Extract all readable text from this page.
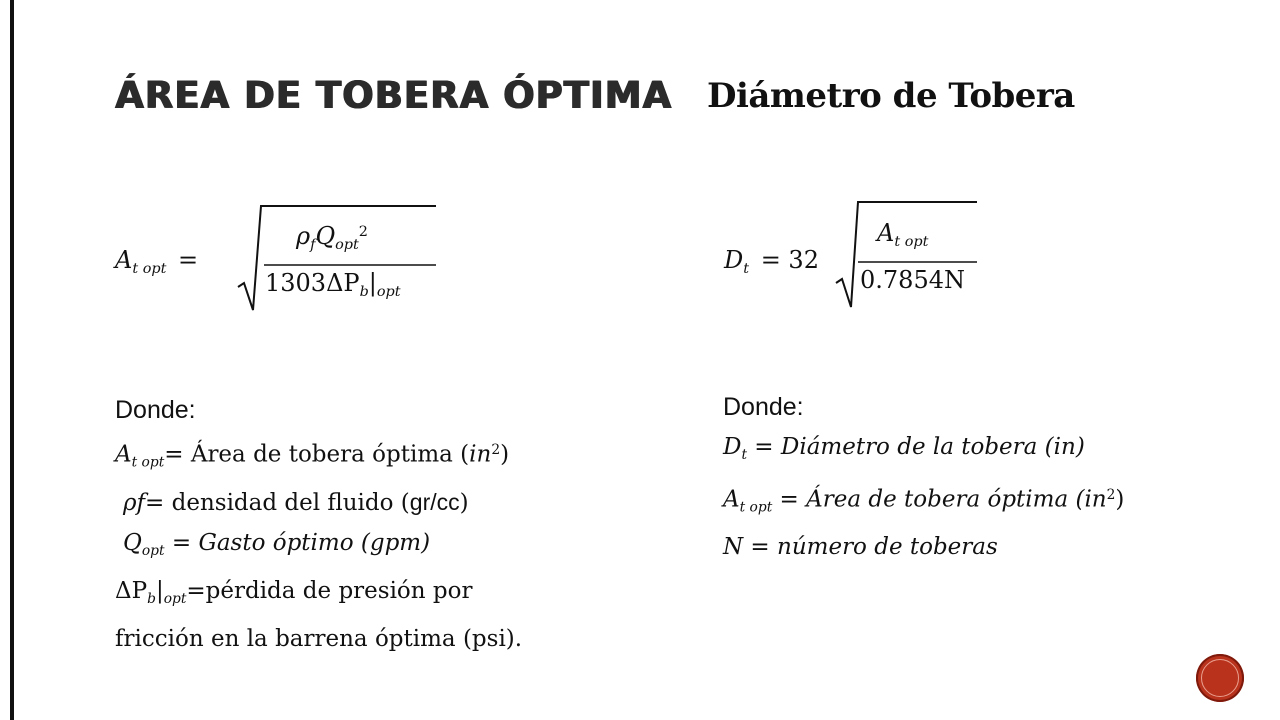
ÁREA DE TOBERA ÓPTIMA Diámetro de Tobera
$A_{t opt}$ =
$\rho_fQ_{opt}^2$
$1303\Delta P_b|_{opt}$
$D_t = 32$
$A_{t opt}$
0.7854N
Donde:
$A_{t opt}=$ Área de tobera óptima $(in^2)$
ρf= densidad del fluido (gr/cc)
$Q_{opt}$ = Gasto óptimo (gpm)
$\Delta P_b|_{opt}=pérdida$ de presión por
fricción en la barrena óptima (psi).
Donde:
$D_t$ = Diámetro de la tobera (in)
$A_{t opt}$ = Área de tobera óptima $(in^2)$
N = número de toberas
